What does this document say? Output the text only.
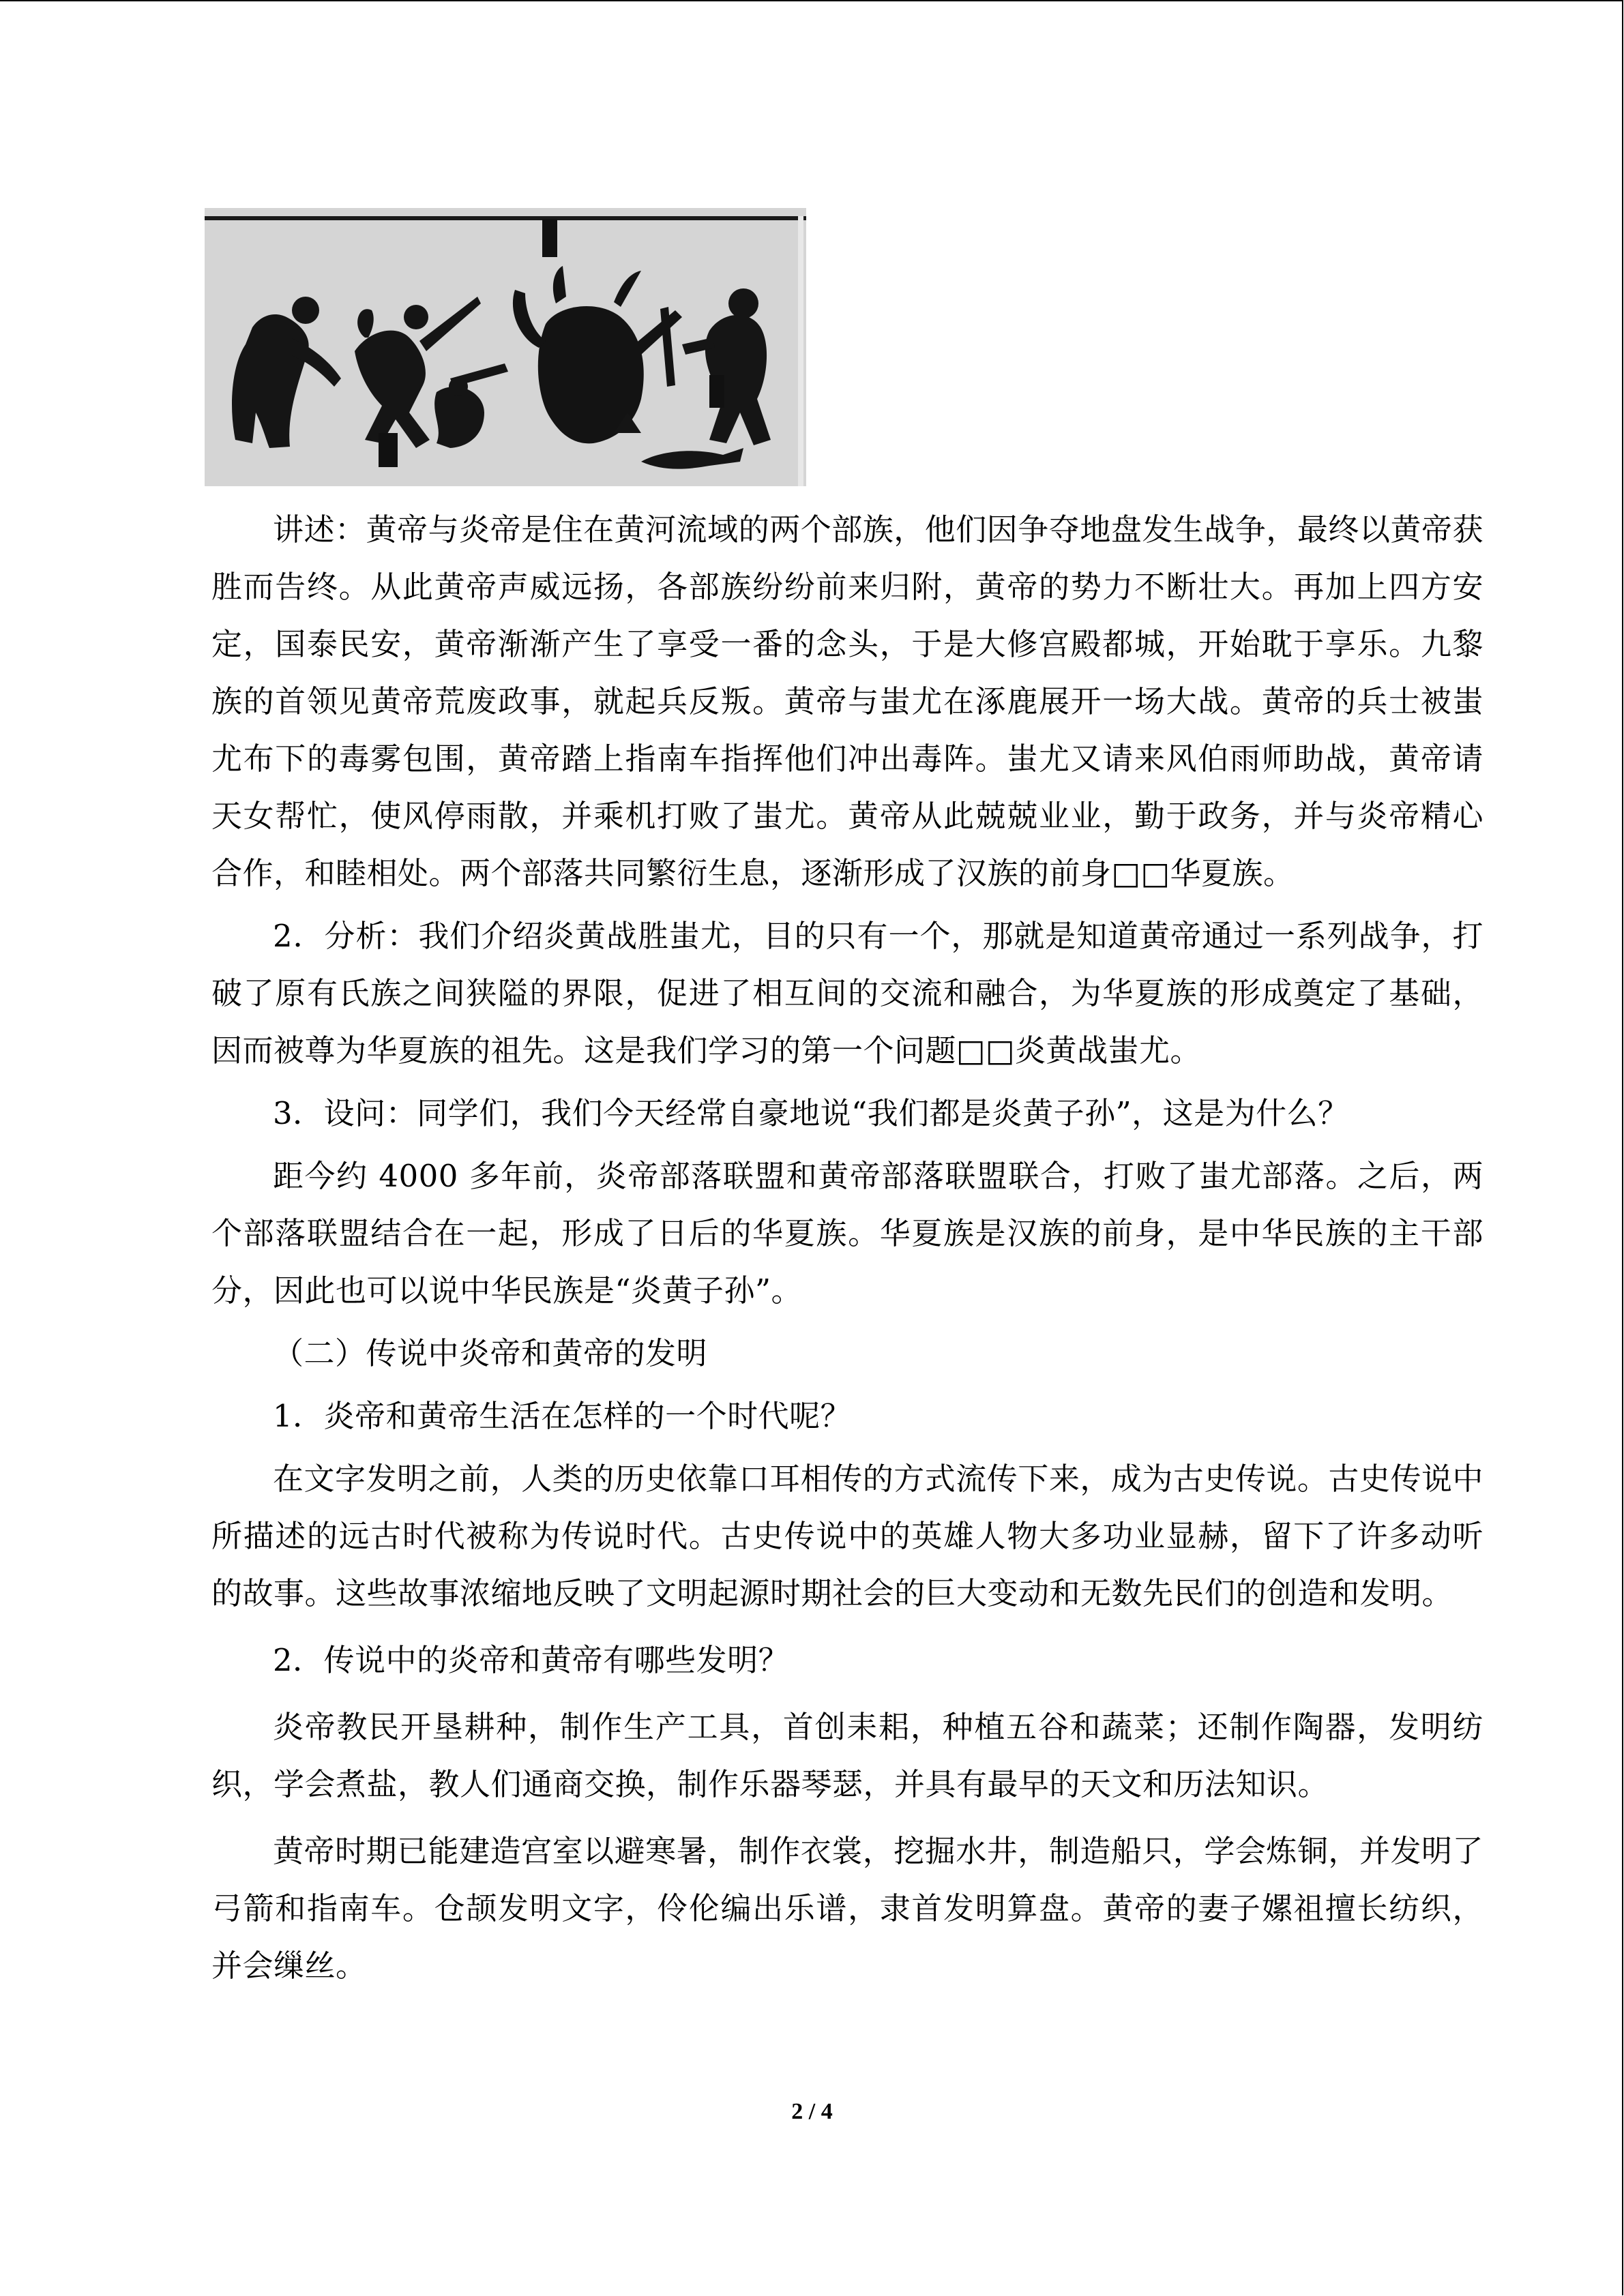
讲述：黄帝与炎帝是住在黄河流域的两个部族，他们因争夺地盘发生战争，最终以黄帝获胜而告终。从此黄帝声威远扬，各部族纷纷前来归附，黄帝的势力不断壮大。再加上四方安定，国泰民安，黄帝渐渐产生了享受一番的念头，于是大修宫殿都城，开始耽于享乐。九黎族的首领见黄帝荒废政事，就起兵反叛。黄帝与蚩尤在涿鹿展开一场大战。黄帝的兵士被蚩尤布下的毒雾包围，黄帝踏上指南车指挥他们冲出毒阵。蚩尤又请来风伯雨师助战，黄帝请天女帮忙，使风停雨散，并乘机打败了蚩尤。黄帝从此兢兢业业，勤于政务，并与炎帝精心合作，和睦相处。两个部落共同繁衍生息，逐渐形成了汉族的前身□□华夏族。

2．分析：我们介绍炎黄战胜蚩尤，目的只有一个，那就是知道黄帝通过一系列战争，打破了原有氏族之间狭隘的界限，促进了相互间的交流和融合，为华夏族的形成奠定了基础，因而被尊为华夏族的祖先。这是我们学习的第一个问题□□炎黄战蚩尤。

3．设问：同学们，我们今天经常自豪地说“我们都是炎黄子孙”，这是为什么？

距今约 4000 多年前，炎帝部落联盟和黄帝部落联盟联合，打败了蚩尤部落。之后，两个部落联盟结合在一起，形成了日后的华夏族。华夏族是汉族的前身，是中华民族的主干部分，因此也可以说中华民族是“炎黄子孙”。

（二）传说中炎帝和黄帝的发明

1．炎帝和黄帝生活在怎样的一个时代呢？

在文字发明之前，人类的历史依靠口耳相传的方式流传下来，成为古史传说。古史传说中所描述的远古时代被称为传说时代。古史传说中的英雄人物大多功业显赫，留下了许多动听的故事。这些故事浓缩地反映了文明起源时期社会的巨大变动和无数先民们的创造和发明。

2．传说中的炎帝和黄帝有哪些发明？

炎帝教民开垦耕种，制作生产工具，首创耒耜，种植五谷和蔬菜；还制作陶器，发明纺织，学会煮盐，教人们通商交换，制作乐器琴瑟，并具有最早的天文和历法知识。

黄帝时期已能建造宫室以避寒暑，制作衣裳，挖掘水井，制造船只，学会炼铜，并发明了弓箭和指南车。仓颉发明文字，伶伦编出乐谱，隶首发明算盘。黄帝的妻子嫘祖擅长纺织，并会缫丝。

2 / 4
